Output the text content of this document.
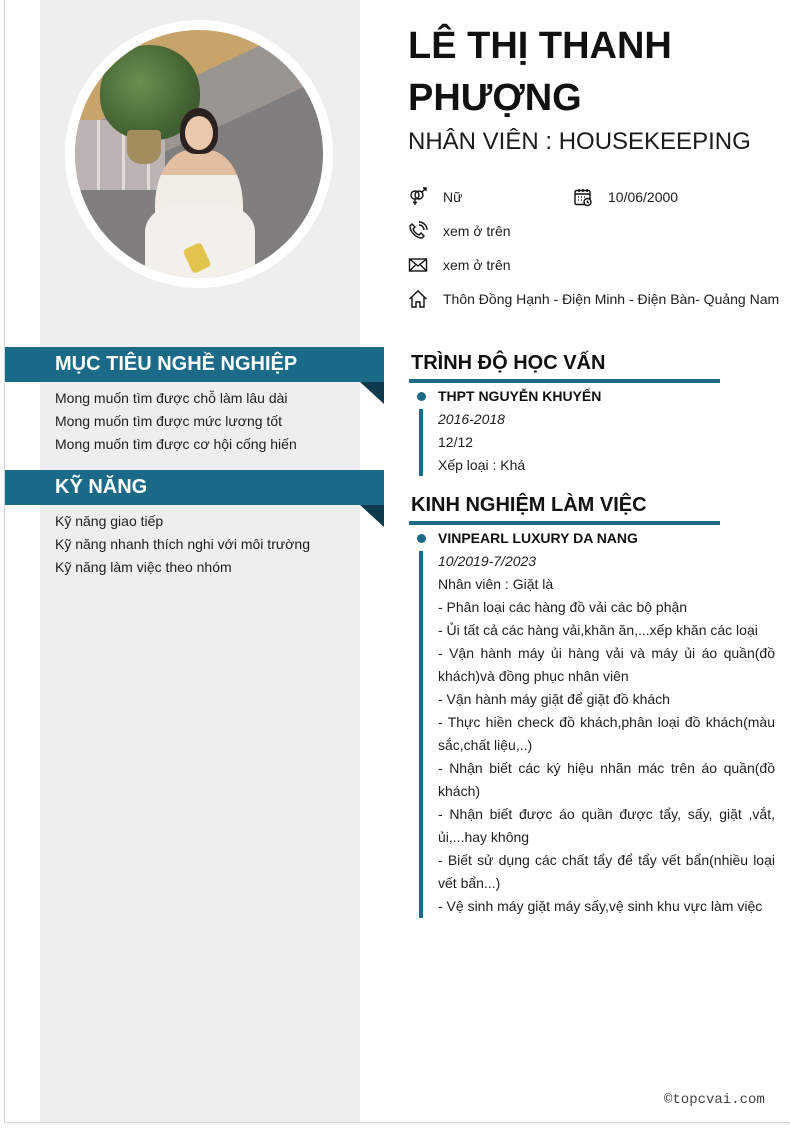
LÊ THỊ THANH PHƯỢNG
NHÂN VIÊN : HOUSEKEEPING
Nữ	10/06/2000
xem ở trên
xem ở trên
Thôn Đồng Hạnh - Điện Minh - Điện Bàn- Quảng Nam
MỤC TIÊU NGHỀ NGHIỆP
Mong muốn tìm được chỗ làm lâu dài
Mong muốn tìm được mức lương tốt
Mong muốn tìm được cơ hội cống hiến
KỸ NĂNG
Kỹ năng giao tiếp
Kỹ năng nhanh thích nghi với môi trường
Kỹ năng làm việc theo nhóm
TRÌNH ĐỘ HỌC VẤN
THPT NGUYỄN KHUYẾN
2016-2018
12/12
Xếp loại : Khá
KINH NGHIỆM LÀM VIỆC
VINPEARL LUXURY DA NANG
10/2019-7/2023
Nhân viên : Giặt là
- Phân loại các hàng đồ vải các bộ phận
- Ủi tất cả các hàng vải,khăn ăn,...xếp khăn các loại
- Vận hành máy ủi hàng vải và máy ủi áo quần(đồ khách)và đồng phục nhân viên
- Vận hành máy giặt để giặt đồ khách
- Thực hiền check đồ khách,phân loại đồ khách(màu sắc,chất liệu,..)
- Nhận biết các ký hiệu nhãn mác trên áo quần(đồ khách)
- Nhận biết được áo quần được tẩy, sấy, giặt ,vắt, ủi,...hay không
- Biết sử dụng các chất tẩy để tẩy vết bẩn(nhiều loại vết bẩn...)
- Vệ sinh máy giặt máy sấy,vệ sinh khu vực làm việc
©topcvai.com
